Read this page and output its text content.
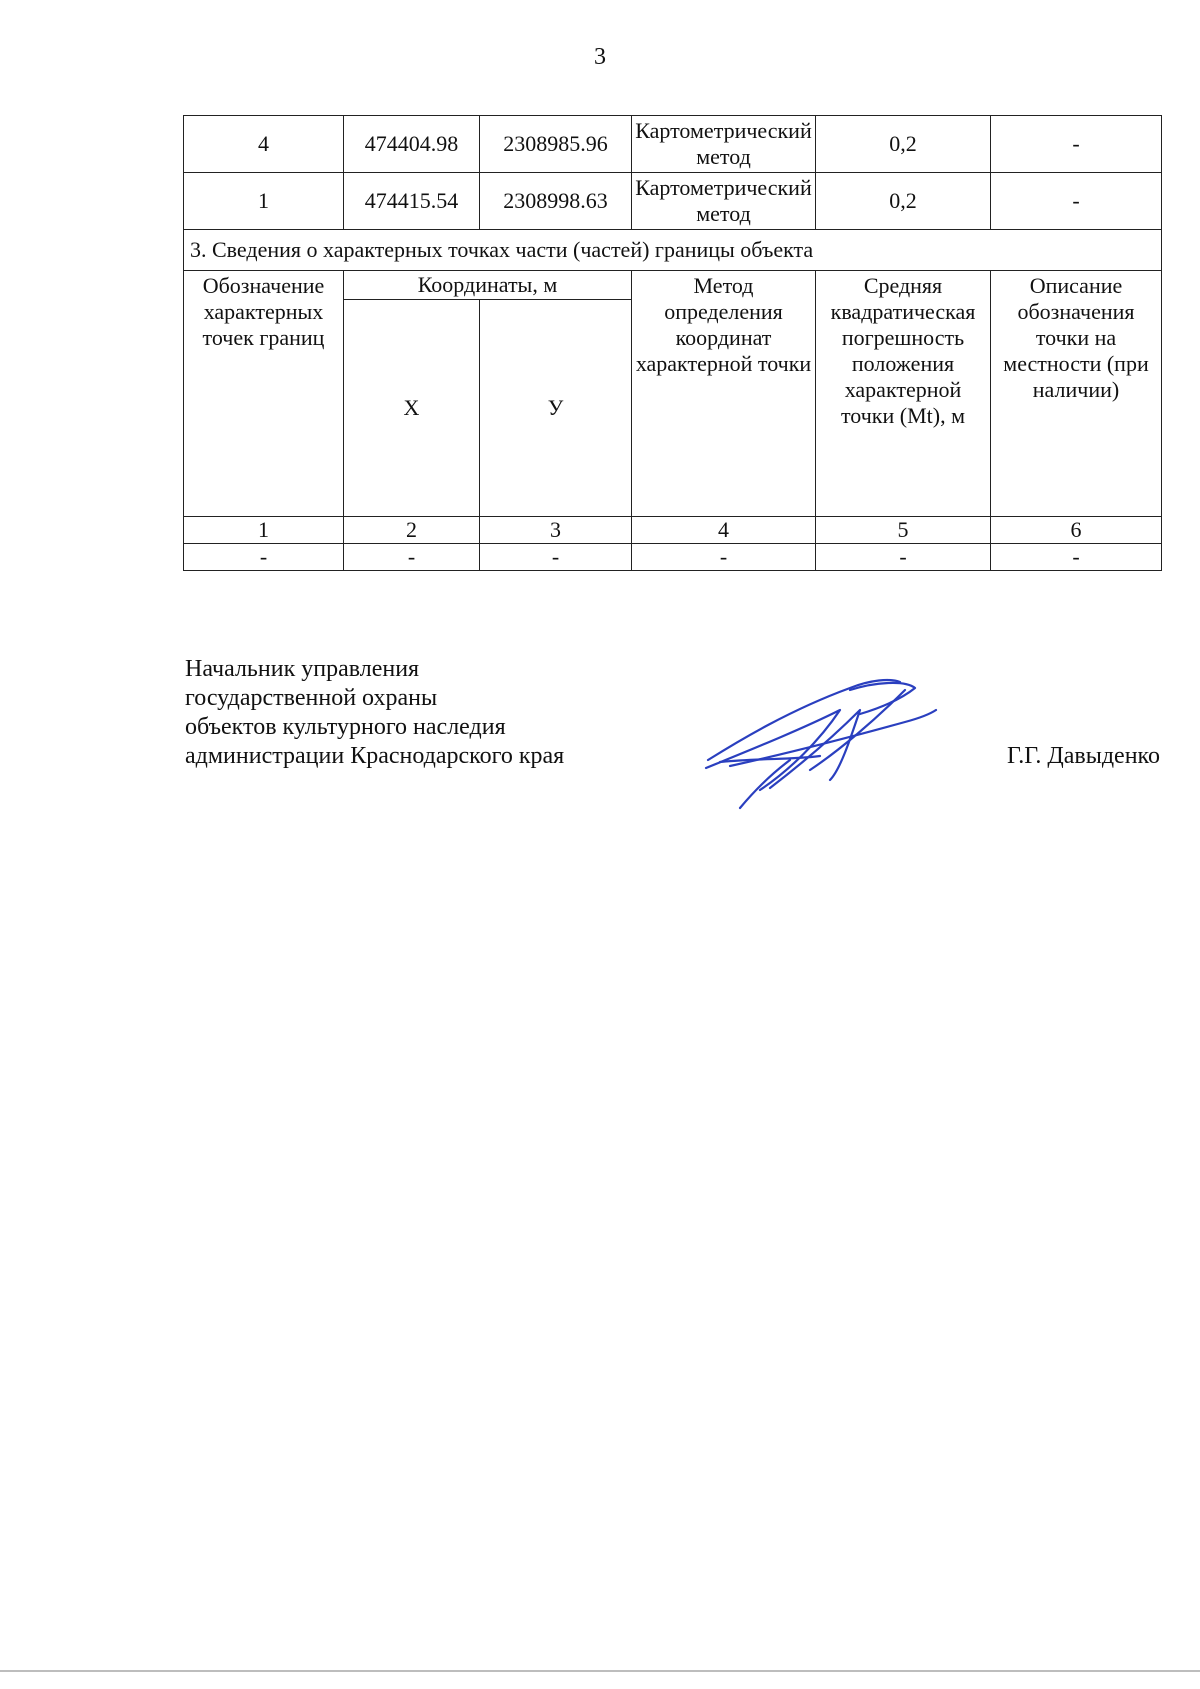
3
4	474404.98	2308985.96	Картометрический метод	0,2	-
1	474415.54	2308998.63	Картометрический метод	0,2	-
3. Сведения о характерных точках части (частей) границы объекта					
Обозначение характерных точек границ	Координаты, м		Метод определения координат характерной точки	Средняя квадратическая погрешность положения характерной точки (Mt), м	Описание обозначения точки на местности (при наличии)
	Х	У			
1	2	3	4	5	6
-	-	-	-	-	-
Начальник управления
государственной охраны
объектов культурного наследия
администрации Краснодарского края	Г.Г. Давыденко
